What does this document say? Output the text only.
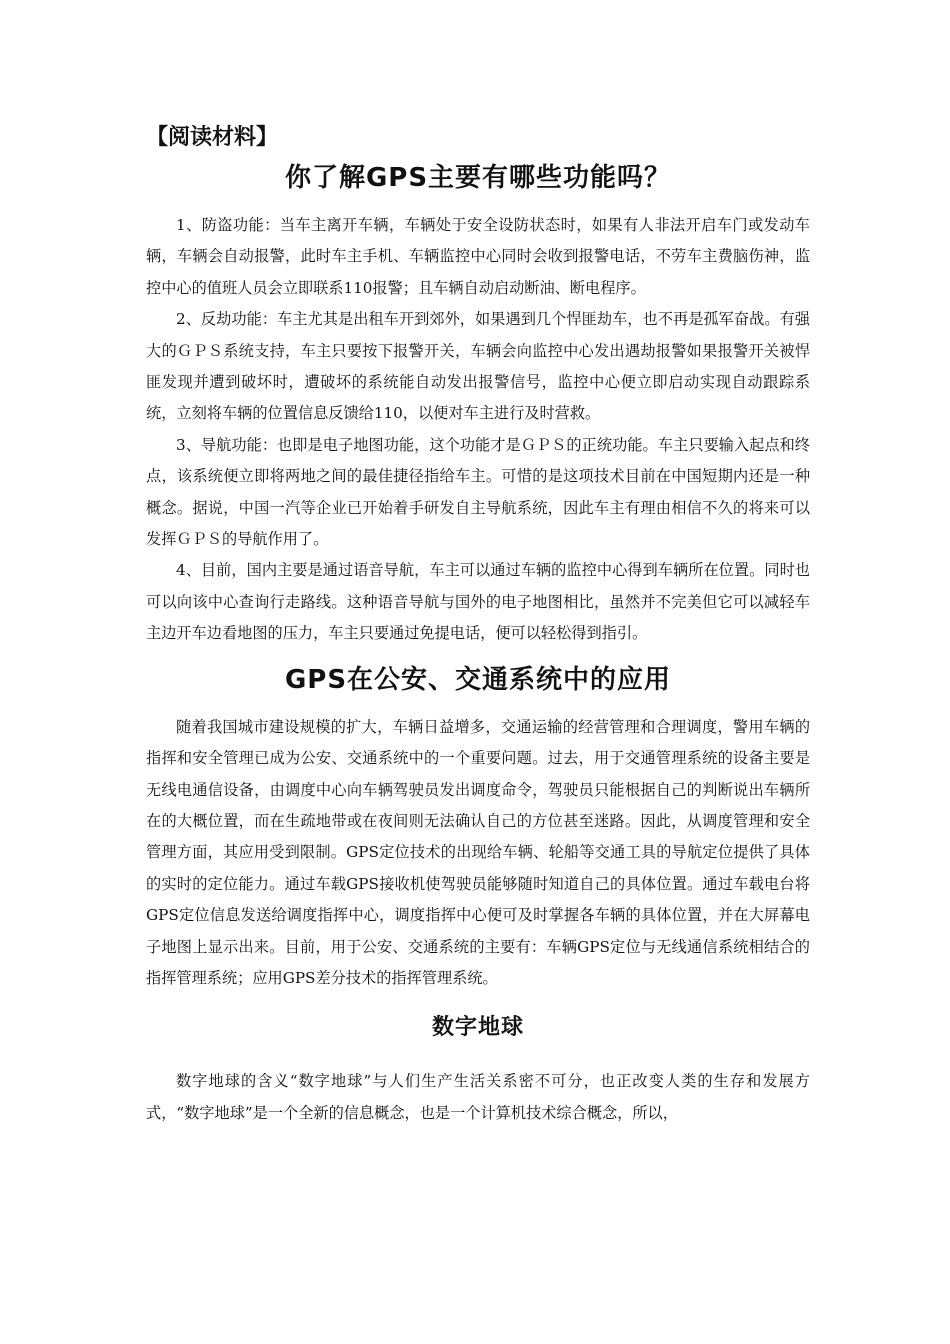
【阅读材料】

你了解GPS主要有哪些功能吗？

1、防盗功能：当车主离开车辆，车辆处于安全设防状态时，如果有人非法开启车门或发动车辆，车辆会自动报警，此时车主手机、车辆监控中心同时会收到报警电话，不劳车主费脑伤神，监控中心的值班人员会立即联系110报警；且车辆自动启动断油、断电程序。

2、反劫功能：车主尤其是出租车开到郊外，如果遇到几个悍匪劫车，也不再是孤军奋战。有强大的ＧＰＳ系统支持，车主只要按下报警开关，车辆会向监控中心发出遇劫报警如果报警开关被悍匪发现并遭到破坏时，遭破坏的系统能自动发出报警信号，监控中心便立即启动实现自动跟踪系统，立刻将车辆的位置信息反馈给110，以便对车主进行及时营救。

3、导航功能：也即是电子地图功能，这个功能才是ＧＰＳ的正统功能。车主只要输入起点和终点，该系统便立即将两地之间的最佳捷径指给车主。可惜的是这项技术目前在中国短期内还是一种概念。据说，中国一汽等企业已开始着手研发自主导航系统，因此车主有理由相信不久的将来可以发挥ＧＰＳ的导航作用了。

4、目前，国内主要是通过语音导航，车主可以通过车辆的监控中心得到车辆所在位置。同时也可以向该中心查询行走路线。这种语音导航与国外的电子地图相比，虽然并不完美但它可以减轻车主边开车边看地图的压力，车主只要通过免提电话，便可以轻松得到指引。

GPS在公安、交通系统中的应用

随着我国城市建设规模的扩大，车辆日益增多，交通运输的经营管理和合理调度，警用车辆的指挥和安全管理已成为公安、交通系统中的一个重要问题。过去，用于交通管理系统的设备主要是无线电通信设备，由调度中心向车辆驾驶员发出调度命令，驾驶员只能根据自己的判断说出车辆所在的大概位置，而在生疏地带或在夜间则无法确认自己的方位甚至迷路。因此，从调度管理和安全管理方面，其应用受到限制。GPS定位技术的出现给车辆、轮船等交通工具的导航定位提供了具体的实时的定位能力。通过车载GPS接收机使驾驶员能够随时知道自己的具体位置。通过车载电台将GPS定位信息发送给调度指挥中心，调度指挥中心便可及时掌握各车辆的具体位置，并在大屏幕电子地图上显示出来。目前，用于公安、交通系统的主要有：车辆GPS定位与无线通信系统相结合的指挥管理系统；应用GPS差分技术的指挥管理系统。

数字地球

数字地球的含义“数字地球”与人们生产生活关系密不可分，也正改变人类的生存和发展方式，“数字地球”是一个全新的信息概念，也是一个计算机技术综合概念，所以，
